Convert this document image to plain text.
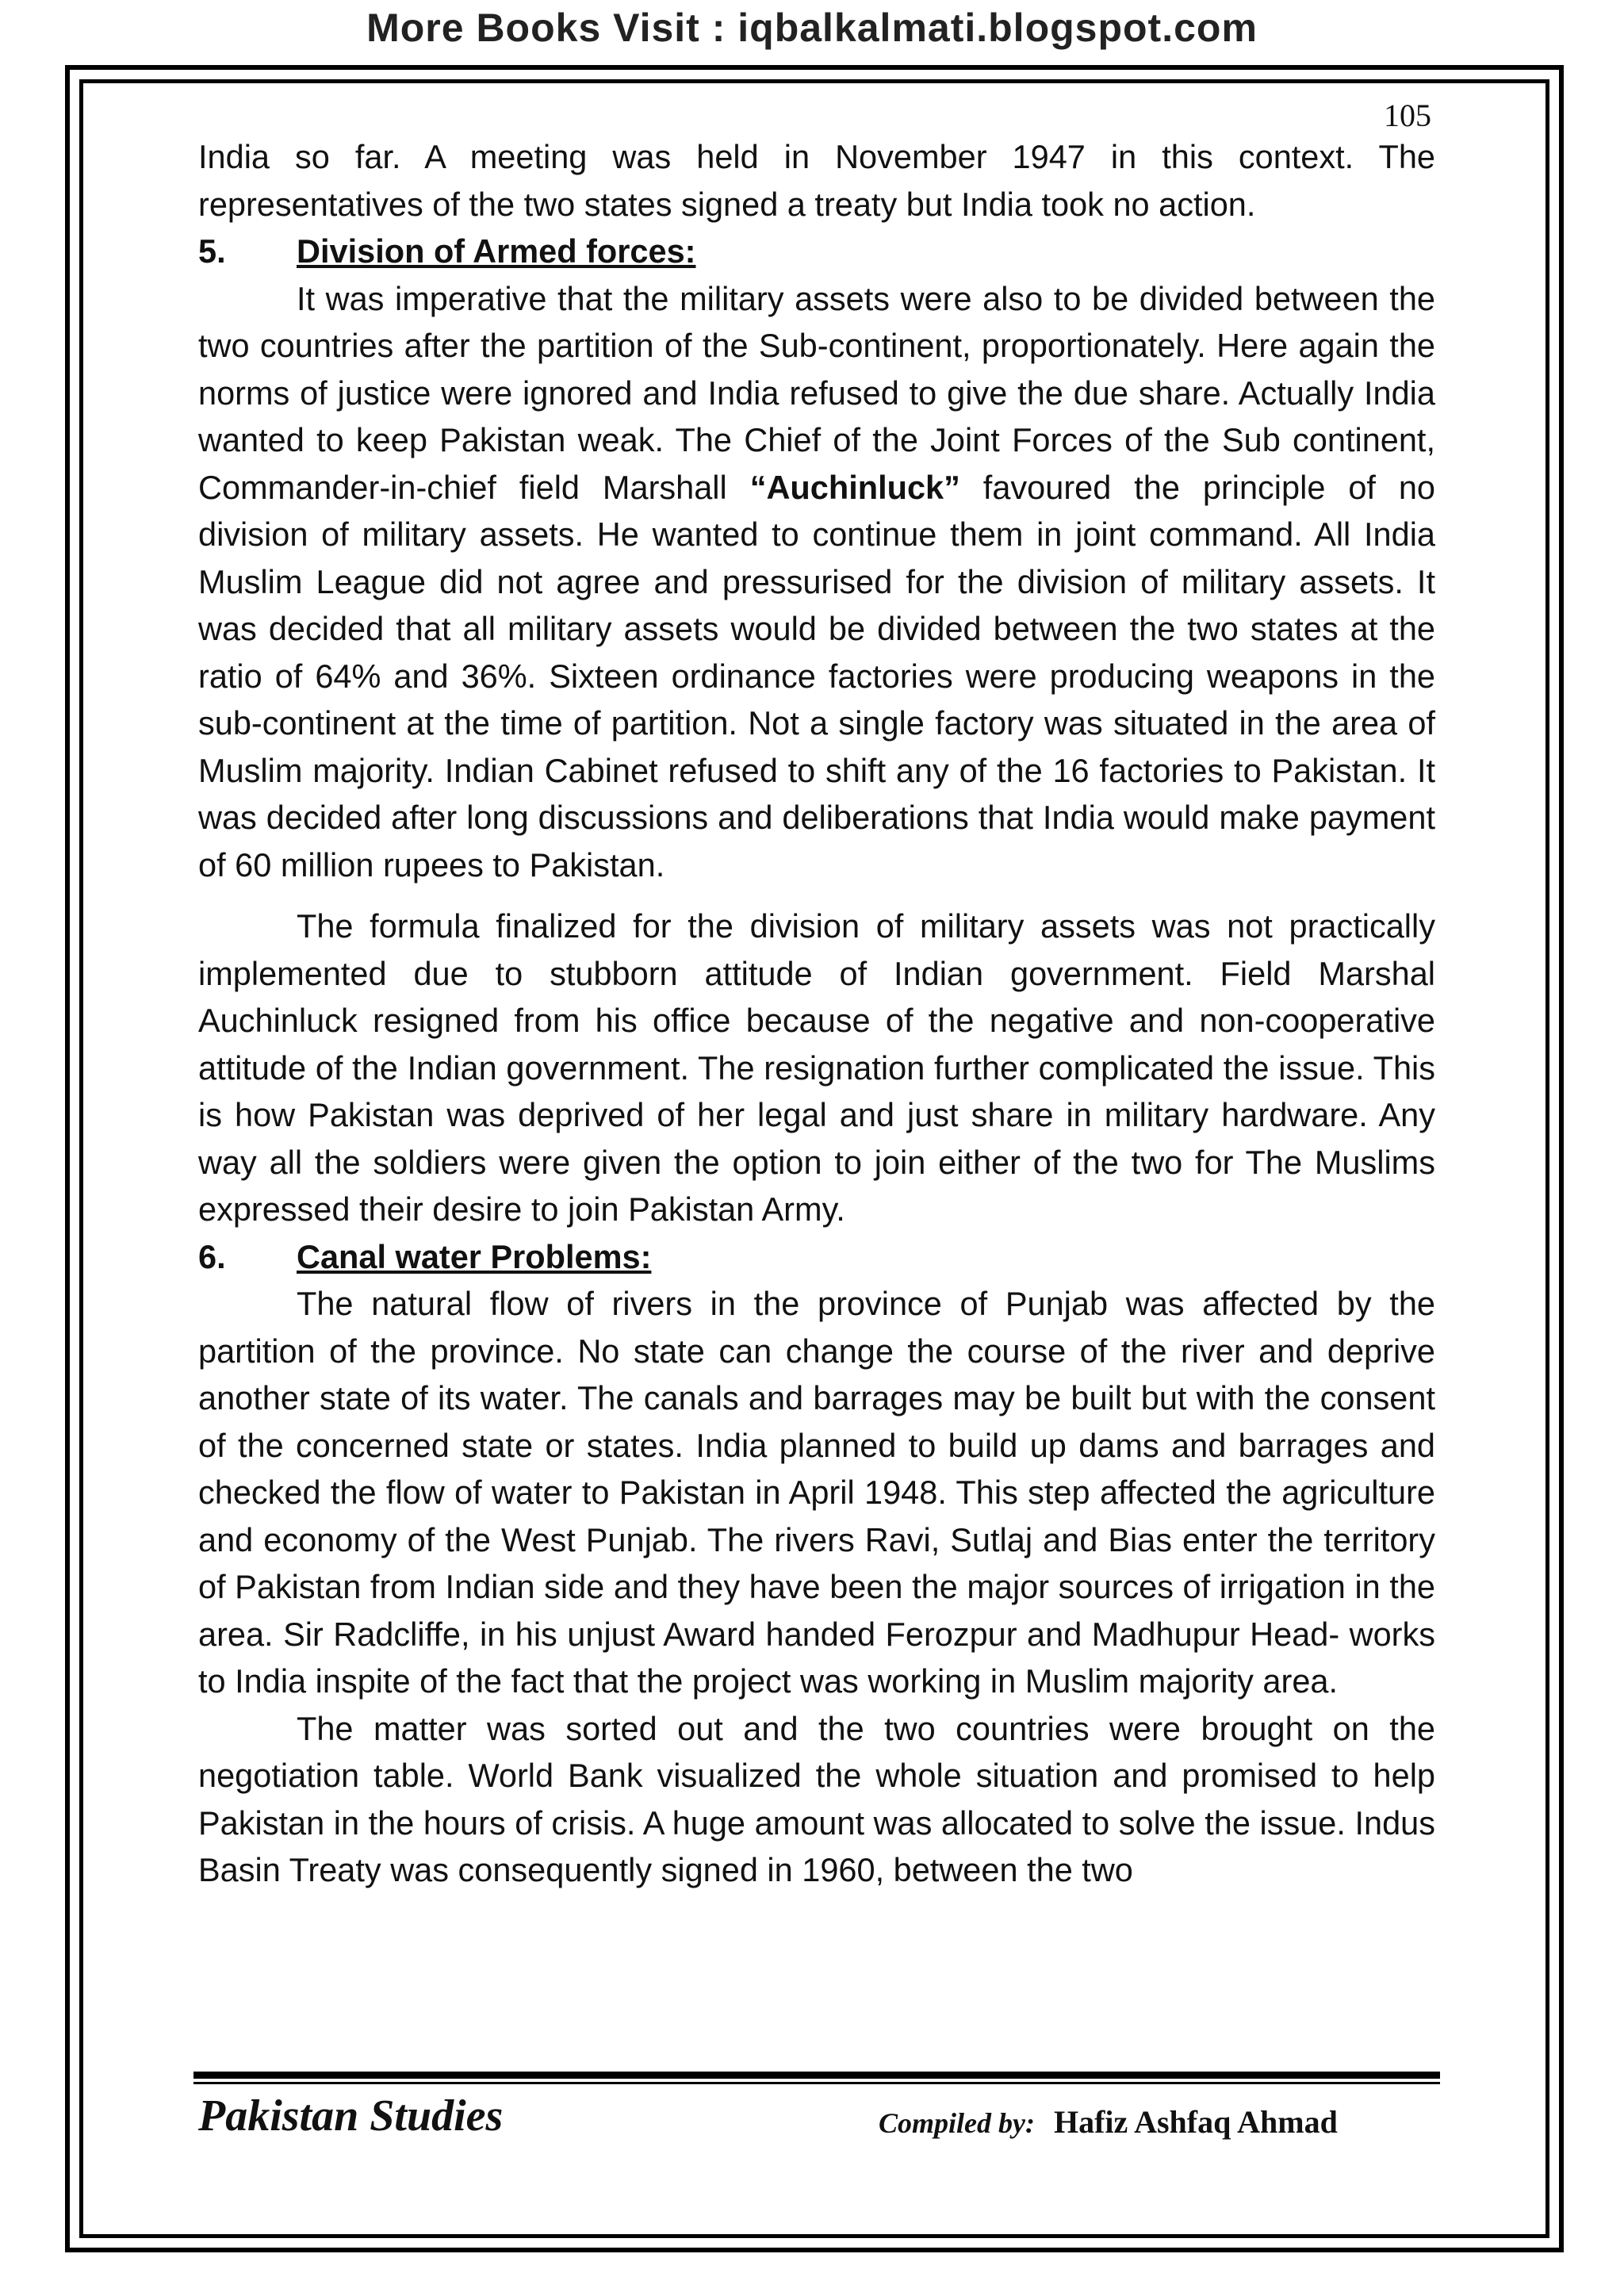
More Books Visit : iqbalkalmati.blogspot.com
105

India so far. A meeting was held in November 1947 in this context. The representatives of the two states signed a treaty but India took no action.

5.	Division of Armed forces:

It was imperative that the military assets were also to be divided between the two countries after the partition of the Sub-continent, proportionately. Here again the norms of justice were ignored and India refused to give the due share. Actually India wanted to keep Pakistan weak. The Chief of the Joint Forces of the Sub continent, Commander-in-chief field Marshall “Auchinluck” favoured the principle of no division of military assets. He wanted to continue them in joint command. All India Muslim League did not agree and pressurised for the division of military assets. It was decided that all military assets would be divided between the two states at the ratio of 64% and 36%. Sixteen ordinance factories were producing weapons in the sub-continent at the time of partition. Not a single factory was situated in the area of Muslim majority. Indian Cabinet refused to shift any of the 16 factories to Pakistan. It was decided after long discussions and deliberations that India would make payment of 60 million rupees to Pakistan.

The formula finalized for the division of military assets was not practically implemented due to stubborn attitude of Indian government. Field Marshal Auchinluck resigned from his office because of the negative and non-cooperative attitude of the Indian government. The resignation further complicated the issue. This is how Pakistan was deprived of her legal and just share in military hardware. Any way all the soldiers were given the option to join either of the two for The Muslims expressed their desire to join Pakistan Army.

6.	Canal water Problems:

The natural flow of rivers in the province of Punjab was affected by the partition of the province. No state can change the course of the river and deprive another state of its water. The canals and barrages may be built but with the consent of the concerned state or states. India planned to build up dams and barrages and checked the flow of water to Pakistan in April 1948. This step affected the agriculture and economy of the West Punjab. The rivers Ravi, Sutlaj and Bias enter the territory of Pakistan from Indian side and they have been the major sources of irrigation in the area. Sir Radcliffe, in his unjust Award handed Ferozpur and Madhupur Head- works to India inspite of the fact that the project was working in Muslim majority area.

The matter was sorted out and the two countries were brought on the negotiation table. World Bank visualized the whole situation and promised to help Pakistan in the hours of crisis. A huge amount was allocated to solve the issue. Indus Basin Treaty was consequently signed in 1960, between the two

Pakistan Studies	Compiled by: Hafiz Ashfaq Ahmad
